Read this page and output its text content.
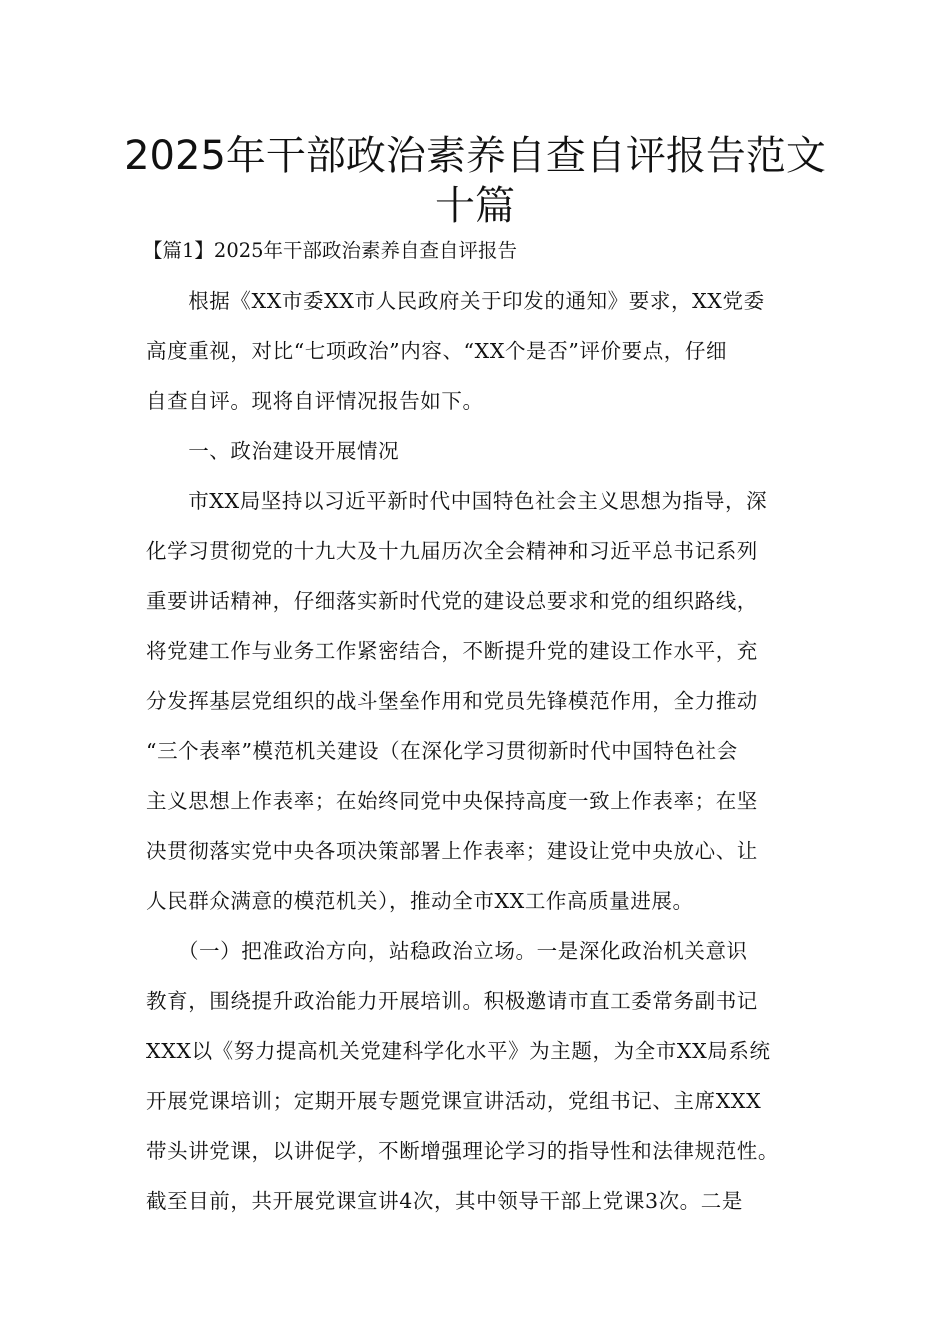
2025年干部政治素养自查自评报告范文
十篇
【篇1】2025年干部政治素养自查自评报告
　　根据《XX市委XX市人民政府关于印发的通知》要求，XX党委
高度重视，对比“七项政治”内容、“XX个是否”评价要点，仔细
自查自评。现将自评情况报告如下。
　　一、政治建设开展情况
　　市XX局坚持以习近平新时代中国特色社会主义思想为指导，深
化学习贯彻党的十九大及十九届历次全会精神和习近平总书记系列
重要讲话精神，仔细落实新时代党的建设总要求和党的组织路线，
将党建工作与业务工作紧密结合，不断提升党的建设工作水平，充
分发挥基层党组织的战斗堡垒作用和党员先锋模范作用，全力推动
“三个表率”模范机关建设（在深化学习贯彻新时代中国特色社会
主义思想上作表率；在始终同党中央保持高度一致上作表率；在坚
决贯彻落实党中央各项决策部署上作表率；建设让党中央放心、让
人民群众满意的模范机关），推动全市XX工作高质量进展。
　　（一）把准政治方向，站稳政治立场。一是深化政治机关意识
教育，围绕提升政治能力开展培训。积极邀请市直工委常务副书记
XXX以《努力提高机关党建科学化水平》为主题，为全市XX局系统
开展党课培训；定期开展专题党课宣讲活动，党组书记、主席XXX
带头讲党课，以讲促学，不断增强理论学习的指导性和法律规范性。
截至目前，共开展党课宣讲4次，其中领导干部上党课3次。二是
